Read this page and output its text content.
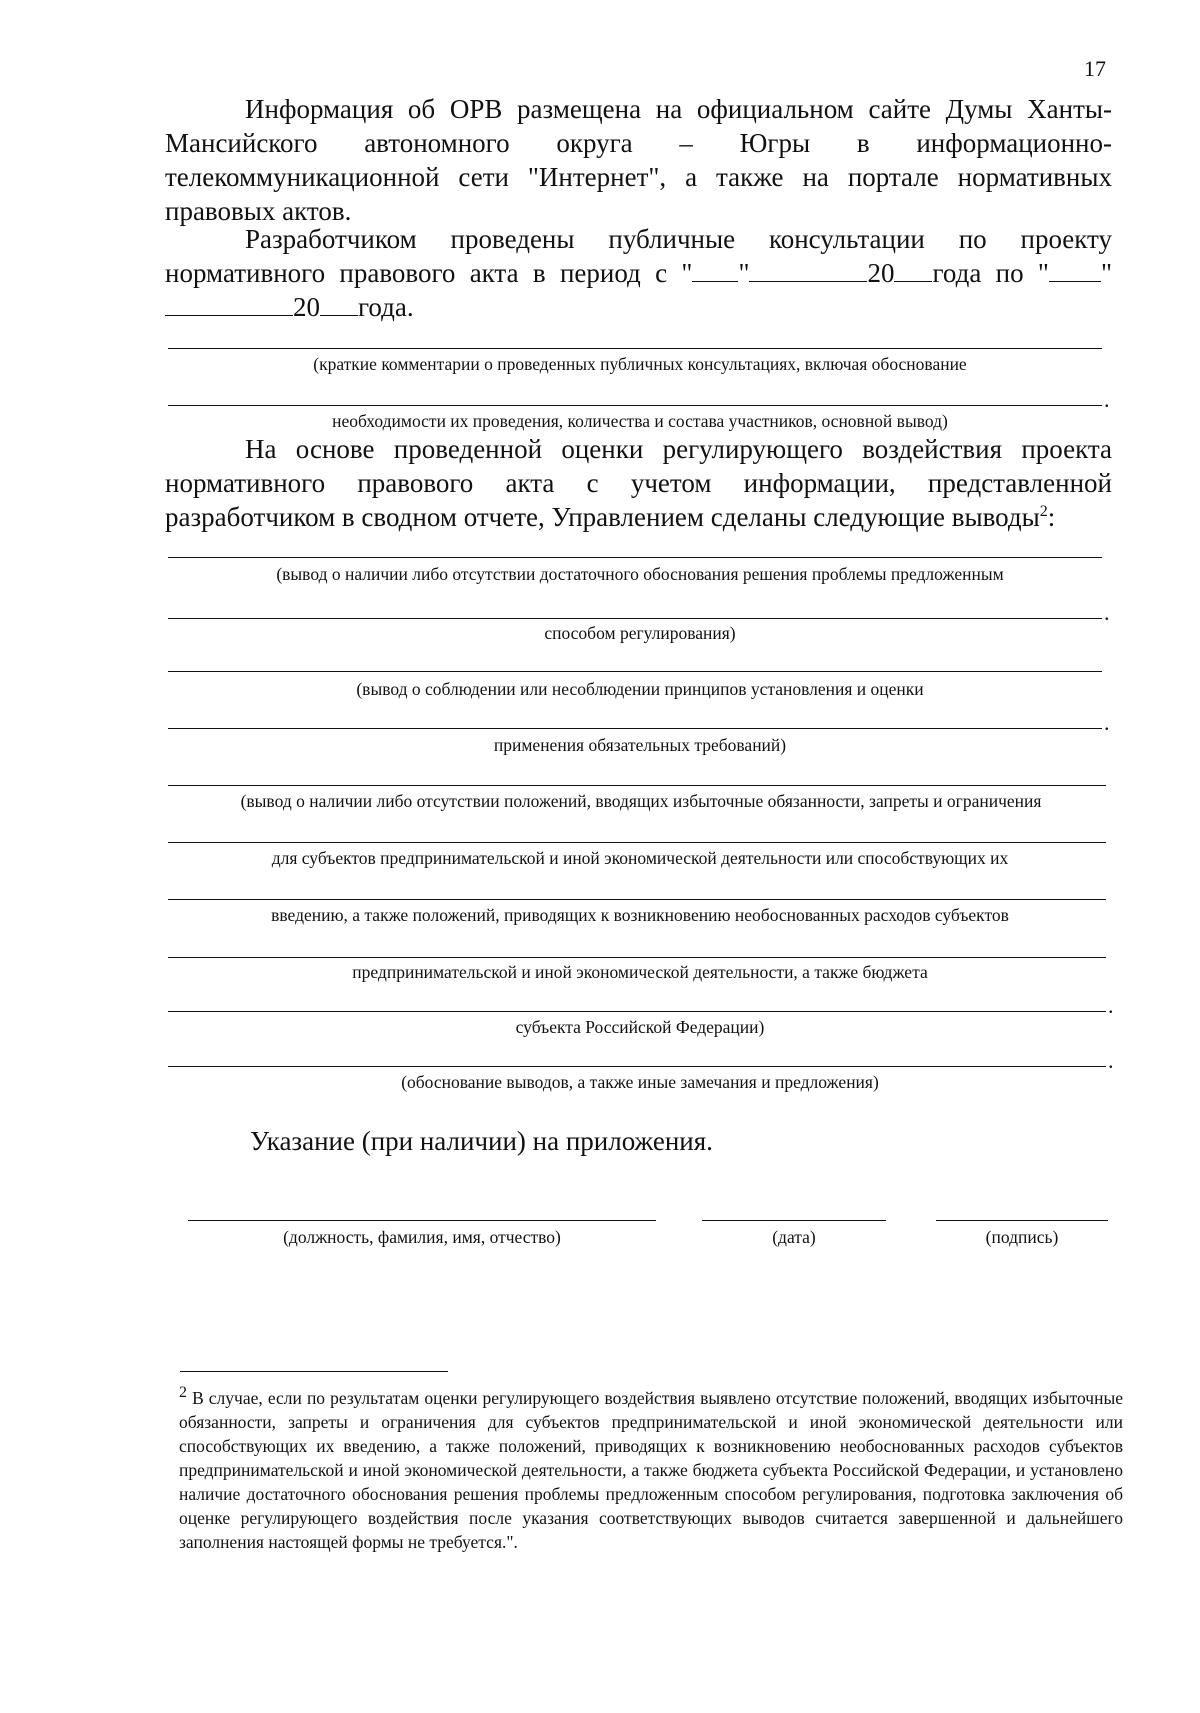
17

Информация об ОРВ размещена на официальном сайте Думы Ханты-Мансийского автономного округа – Югры в информационно-телекоммуникационной сети "Интернет", а также на портале нормативных правовых актов.

Разработчиком проведены публичные консультации по проекту нормативного правового акта в период с " "	20 года по " "20 года.

(краткие комментарии о проведенных публичных консультациях, включая обоснование

.

необходимости их проведения, количества и состава участников, основной вывод)

На основе проведенной оценки регулирующего воздействия проекта нормативного правового акта с учетом информации, представленной разработчиком в сводном отчете, Управлением сделаны следующие выводы$^2$:

(вывод о наличии либо отсутствии достаточного обоснования решения проблемы предложенным

.

способом регулирования)

(вывод о соблюдении или несоблюдении принципов установления и оценки

.

применения обязательных требований)

(вывод о наличии либо отсутствии положений, вводящих избыточные обязанности, запреты и ограничения

для субъектов предпринимательской и иной экономической деятельности или способствующих их

введению, а также положений, приводящих к возникновению необоснованных расходов субъектов

предпринимательской и иной экономической деятельности, а также бюджета

.

субъекта Российской Федерации)

.

(обоснование выводов, а также иные замечания и предложения)

Указание (при наличии) на приложения.
(должность, фамилия, имя, отчество)	(дата)	(подпись)

$^2$ В случае, если по результатам оценки регулирующего воздействия выявлено отсутствие положений, вводящих избыточные обязанности, запреты и ограничения для субъектов предпринимательской и иной экономической деятельности или способствующих их введению, а также положений, приводящих к возникновению необоснованных расходов субъектов предпринимательской и иной экономической деятельности, а также бюджета субъекта Российской Федерации, и установлено наличие достаточного обоснования решения проблемы предложенным способом регулирования, подготовка заключения об оценке регулирующего воздействия после указания соответствующих выводов считается завершенной и дальнейшего заполнения настоящей формы не требуется.".
